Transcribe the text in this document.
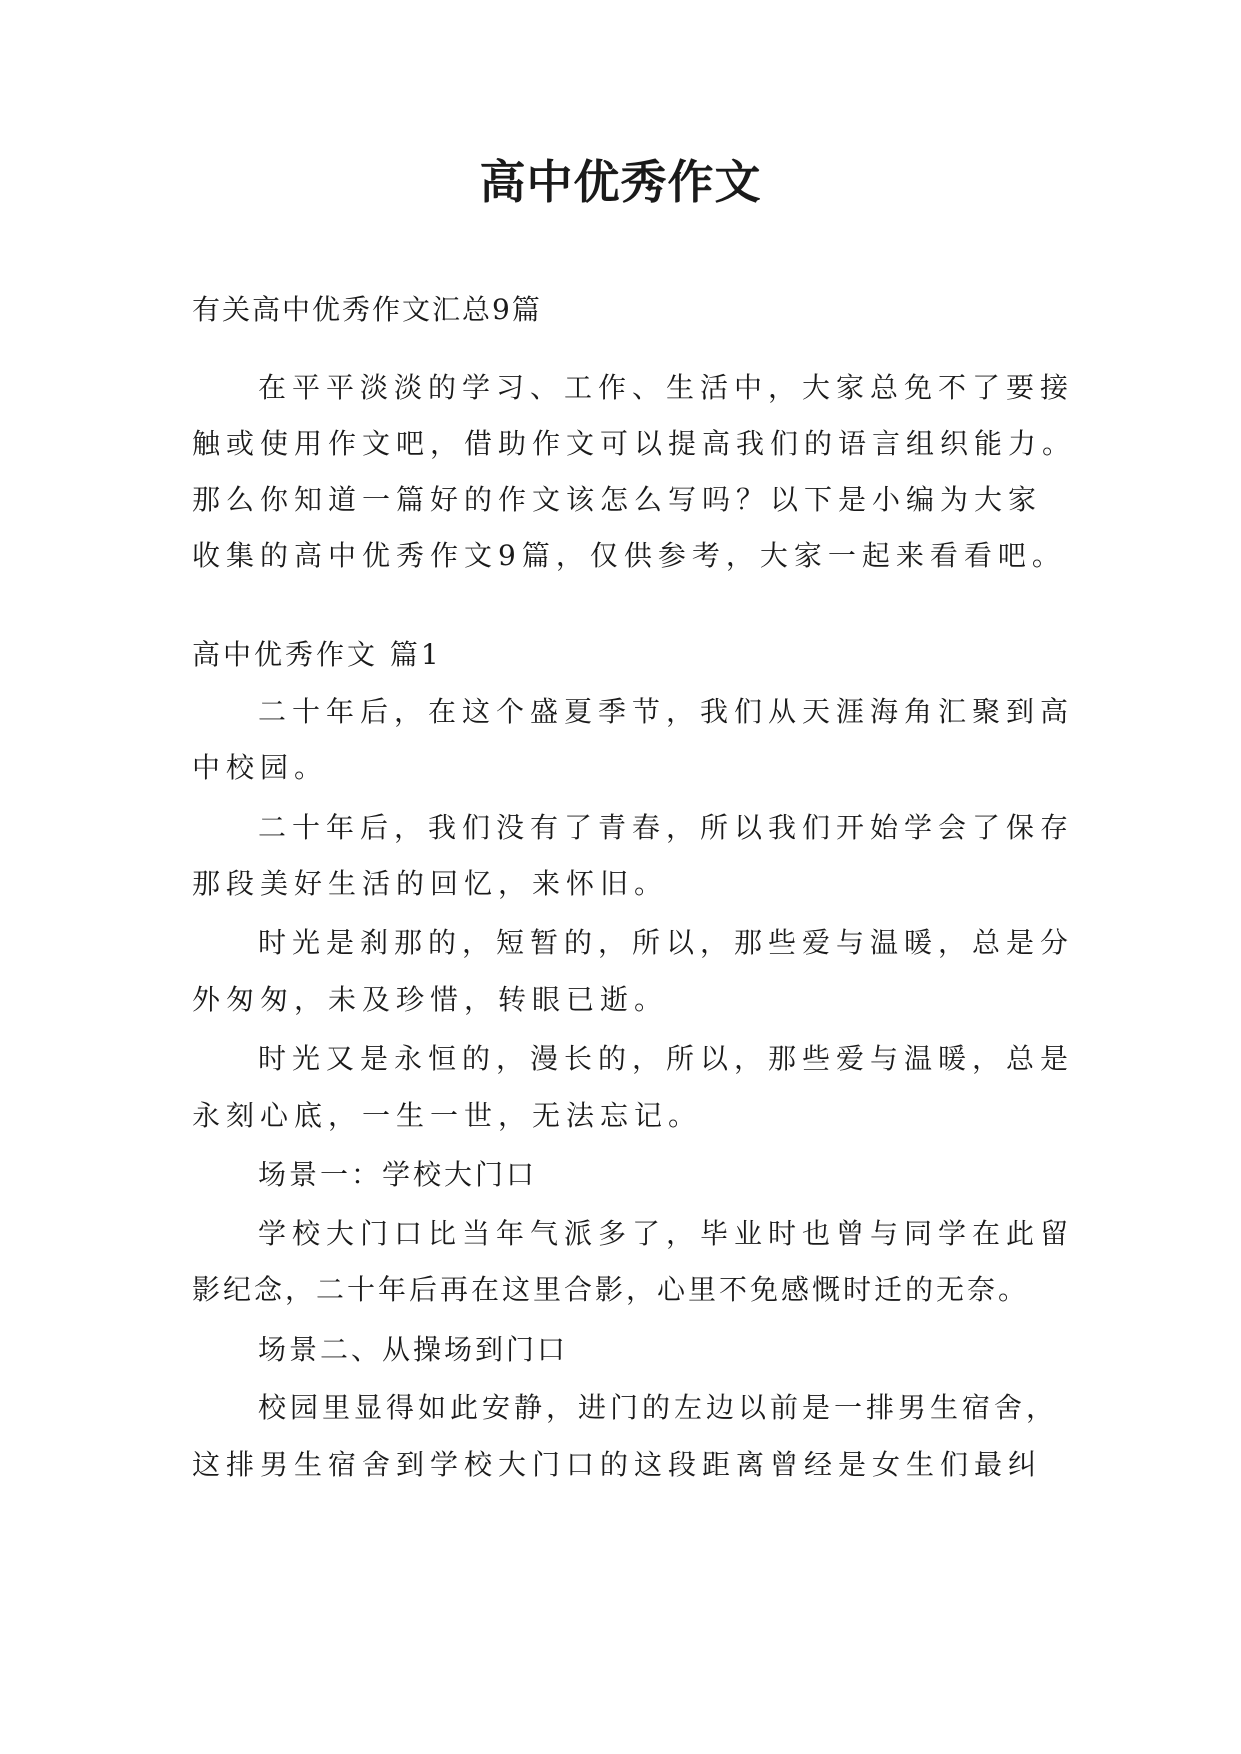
高中优秀作文

有关高中优秀作文汇总9篇

在平平淡淡的学习、工作、生活中，大家总免不了要接

触或使用作文吧，借助作文可以提高我们的语言组织能力。

那么你知道一篇好的作文该怎么写吗？以下是小编为大家

收集的高中优秀作文9篇，仅供参考，大家一起来看看吧。

高中优秀作文 篇1

二十年后，在这个盛夏季节，我们从天涯海角汇聚到高

中校园。

二十年后，我们没有了青春，所以我们开始学会了保存

那段美好生活的回忆，来怀旧。

时光是刹那的，短暂的，所以，那些爱与温暖，总是分

外匆匆，未及珍惜，转眼已逝。

时光又是永恒的，漫长的，所以，那些爱与温暖，总是

永刻心底，一生一世，无法忘记。

场景一：学校大门口

学校大门口比当年气派多了，毕业时也曾与同学在此留

影纪念，二十年后再在这里合影，心里不免感慨时迁的无奈。

场景二、从操场到门口

校园里显得如此安静，进门的左边以前是一排男生宿舍，

这排男生宿舍到学校大门口的这段距离曾经是女生们最纠
